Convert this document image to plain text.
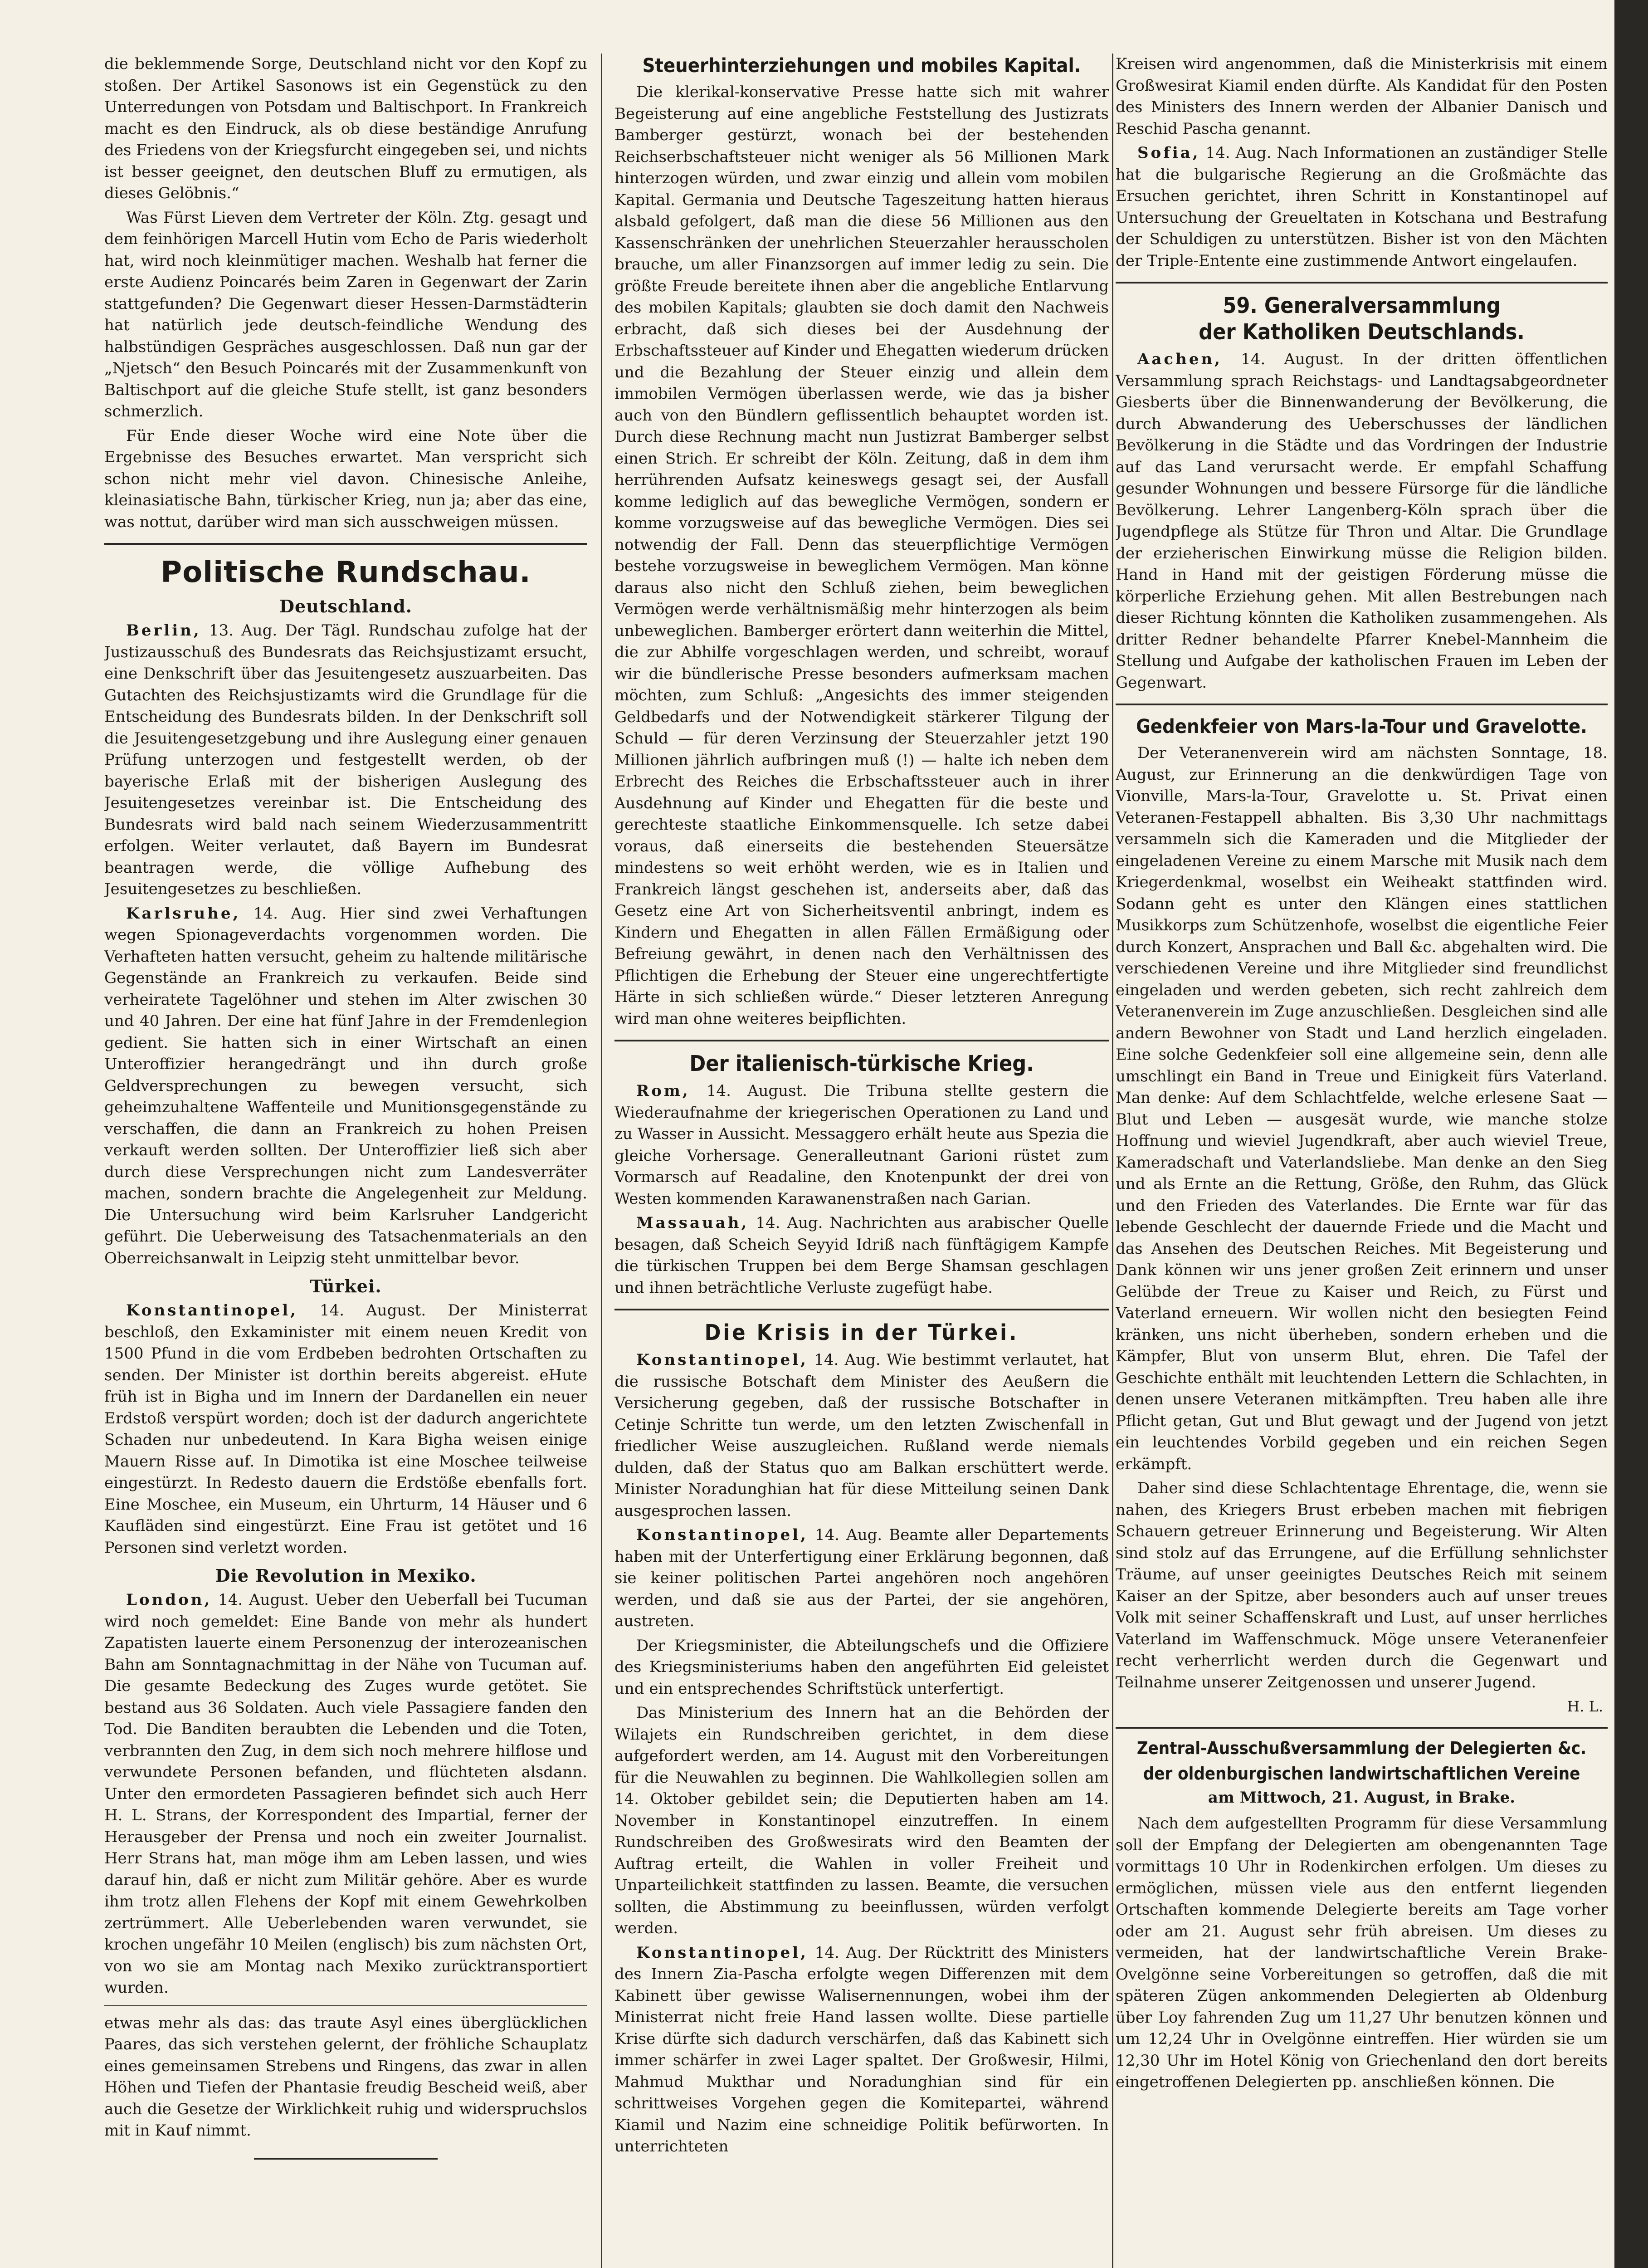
die beklemmende Sorge, Deutschland nicht vor den Kopf zu stoßen. Der Artikel Sasonows ist ein Gegenstück zu den Unterredungen von Potsdam und Baltischport. In Frankreich macht es den Eindruck, als ob diese beständige Anrufung des Friedens von der Kriegsfurcht eingegeben sei, und nichts ist besser geeignet, den deutschen Bluff zu ermutigen, als dieses Gelöbnis.“

Was Fürst Lieven dem Vertreter der Köln. Ztg. gesagt und dem feinhörigen Marcell Hutin vom Echo de Paris wiederholt hat, wird noch kleinmütiger machen. Weshalb hat ferner die erste Audienz Poincarés beim Zaren in Gegenwart der Zarin stattgefunden? Die Gegenwart dieser Hessen-Darmstädterin hat natürlich jede deutsch-feindliche Wendung des halbstündigen Gespräches ausgeschlossen. Daß nun gar der „Njetsch“ den Besuch Poincarés mit der Zusammenkunft von Baltischport auf die gleiche Stufe stellt, ist ganz besonders schmerzlich.

Für Ende dieser Woche wird eine Note über die Ergebnisse des Besuches erwartet. Man verspricht sich schon nicht mehr viel davon. Chinesische Anleihe, kleinasiatische Bahn, türkischer Krieg, nun ja; aber das eine, was nottut, darüber wird man sich ausschweigen müssen.

Politische Rundschau.
Deutschland.

Berlin, 13. Aug. Der Tägl. Rundschau zufolge hat der Justizausschuß des Bundesrats das Reichsjustizamt ersucht, eine Denkschrift über das Jesuitengesetz auszuarbeiten. Das Gutachten des Reichsjustizamts wird die Grundlage für die Entscheidung des Bundesrats bilden. In der Denkschrift soll die Jesuitengesetzgebung und ihre Auslegung einer genauen Prüfung unterzogen und festgestellt werden, ob der bayerische Erlaß mit der bisherigen Auslegung des Jesuitengesetzes vereinbar ist. Die Entscheidung des Bundesrats wird bald nach seinem Wiederzusammentritt erfolgen. Weiter verlautet, daß Bayern im Bundesrat beantragen werde, die völlige Aufhebung des Jesuitengesetzes zu beschließen.

Karlsruhe, 14. Aug. Hier sind zwei Verhaftungen wegen Spionageverdachts vorgenommen worden. Die Verhafteten hatten versucht, geheim zu haltende militärische Gegenstände an Frankreich zu verkaufen. Beide sind verheiratete Tagelöhner und stehen im Alter zwischen 30 und 40 Jahren. Der eine hat fünf Jahre in der Fremdenlegion gedient. Sie hatten sich in einer Wirtschaft an einen Unteroffizier herangedrängt und ihn durch große Geldversprechungen zu bewegen versucht, sich geheimzuhaltene Waffenteile und Munitionsgegenstände zu verschaffen, die dann an Frankreich zu hohen Preisen verkauft werden sollten. Der Unteroffizier ließ sich aber durch diese Versprechungen nicht zum Landesverräter machen, sondern brachte die Angelegenheit zur Meldung. Die Untersuchung wird beim Karlsruher Landgericht geführt. Die Ueberweisung des Tatsachenmaterials an den Oberreichsanwalt in Leipzig steht unmittelbar bevor.

Türkei.

Konstantinopel, 14. August. Der Ministerrat beschloß, den Exkaminister mit einem neuen Kredit von 1500 Pfund in die vom Erdbeben bedrohten Ortschaften zu senden. Der Minister ist dorthin bereits abgereist. eHute früh ist in Bigha und im Innern der Dardanellen ein neuer Erdstoß verspürt worden; doch ist der dadurch angerichtete Schaden nur unbedeutend. In Kara Bigha weisen einige Mauern Risse auf. In Dimotika ist eine Moschee teilweise eingestürzt. In Redesto dauern die Erdstöße ebenfalls fort. Eine Moschee, ein Museum, ein Uhrturm, 14 Häuser und 6 Kaufläden sind eingestürzt. Eine Frau ist getötet und 16 Personen sind verletzt worden.

Die Revolution in Mexiko.

London, 14. August. Ueber den Ueberfall bei Tucuman wird noch gemeldet: Eine Bande von mehr als hundert Zapatisten lauerte einem Personenzug der interozeanischen Bahn am Sonntagnachmittag in der Nähe von Tucuman auf. Die gesamte Bedeckung des Zuges wurde getötet. Sie bestand aus 36 Soldaten. Auch viele Passagiere fanden den Tod. Die Banditen beraubten die Lebenden und die Toten, verbrannten den Zug, in dem sich noch mehrere hilflose und verwundete Personen befanden, und flüchteten alsdann. Unter den ermordeten Passagieren befindet sich auch Herr H. L. Strans, der Korrespondent des Impartial, ferner der Herausgeber der Prensa und noch ein zweiter Journalist. Herr Strans hat, man möge ihm am Leben lassen, und wies darauf hin, daß er nicht zum Militär gehöre. Aber es wurde ihm trotz allen Flehens der Kopf mit einem Gewehrkolben zertrümmert. Alle Ueberlebenden waren verwundet, sie krochen ungefähr 10 Meilen (englisch) bis zum nächsten Ort, von wo sie am Montag nach Mexiko zurücktransportiert wurden.

etwas mehr als das: das traute Asyl eines überglücklichen Paares, das sich verstehen gelernt, der fröhliche Schauplatz eines gemeinsamen Strebens und Ringens, das zwar in allen Höhen und Tiefen der Phantasie freudig Bescheid weiß, aber auch die Gesetze der Wirklichkeit ruhig und widerspruchslos mit in Kauf nimmt.

Steuerhinterziehungen und mobiles Kapital.

Die klerikal-konservative Presse hatte sich mit wahrer Begeisterung auf eine angebliche Feststellung des Justizrats Bamberger gestürzt, wonach bei der bestehenden Reichserbschaftsteuer nicht weniger als 56 Millionen Mark hinterzogen würden, und zwar einzig und allein vom mobilen Kapital. Germania und Deutsche Tageszeitung hatten hieraus alsbald gefolgert, daß man die diese 56 Millionen aus den Kassenschränken der unehrlichen Steuerzahler herausscholen brauche, um aller Finanzsorgen auf immer ledig zu sein. Die größte Freude bereitete ihnen aber die angebliche Entlarvung des mobilen Kapitals; glaubten sie doch damit den Nachweis erbracht, daß sich dieses bei der Ausdehnung der Erbschaftssteuer auf Kinder und Ehegatten wiederum drücken und die Bezahlung der Steuer einzig und allein dem immobilen Vermögen überlassen werde, wie das ja bisher auch von den Bündlern geflissentlich behauptet worden ist. Durch diese Rechnung macht nun Justizrat Bamberger selbst einen Strich. Er schreibt der Köln. Zeitung, daß in dem ihm herrührenden Aufsatz keineswegs gesagt sei, der Ausfall komme lediglich auf das bewegliche Vermögen, sondern er komme vorzugsweise auf das bewegliche Vermögen. Dies sei notwendig der Fall. Denn das steuerpflichtige Vermögen bestehe vorzugsweise in beweglichem Vermögen. Man könne daraus also nicht den Schluß ziehen, beim beweglichen Vermögen werde verhältnismäßig mehr hinterzogen als beim unbeweglichen. Bamberger erörtert dann weiterhin die Mittel, die zur Abhilfe vorgeschlagen werden, und schreibt, worauf wir die bündlerische Presse besonders aufmerksam machen möchten, zum Schluß: „Angesichts des immer steigenden Geldbedarfs und der Notwendigkeit stärkerer Tilgung der Schuld — für deren Verzinsung der Steuerzahler jetzt 190 Millionen jährlich aufbringen muß (!) — halte ich neben dem Erbrecht des Reiches die Erbschaftssteuer auch in ihrer Ausdehnung auf Kinder und Ehegatten für die beste und gerechteste staatliche Einkommensquelle. Ich setze dabei voraus, daß einerseits die bestehenden Steuersätze mindestens so weit erhöht werden, wie es in Italien und Frankreich längst geschehen ist, anderseits aber, daß das Gesetz eine Art von Sicherheitsventil anbringt, indem es Kindern und Ehegatten in allen Fällen Ermäßigung oder Befreiung gewährt, in denen nach den Verhältnissen des Pflichtigen die Erhebung der Steuer eine ungerechtfertigte Härte in sich schließen würde.“ Dieser letzteren Anregung wird man ohne weiteres beipflichten.

Der italienisch-türkische Krieg.

Rom, 14. August. Die Tribuna stellte gestern die Wiederaufnahme der kriegerischen Operationen zu Land und zu Wasser in Aussicht. Messaggero erhält heute aus Spezia die gleiche Vorhersage. Generalleutnant Garioni rüstet zum Vormarsch auf Readaline, den Knotenpunkt der drei von Westen kommenden Karawanenstraßen nach Garian.

Massauah, 14. Aug. Nachrichten aus arabischer Quelle besagen, daß Scheich Seyyid Idriß nach fünftägigem Kampfe die türkischen Truppen bei dem Berge Shamsan geschlagen und ihnen beträchtliche Verluste zugefügt habe.

Die Krisis in der Türkei.

Konstantinopel, 14. Aug. Wie bestimmt verlautet, hat die russische Botschaft dem Minister des Aeußern die Versicherung gegeben, daß der russische Botschafter in Cetinje Schritte tun werde, um den letzten Zwischenfall in friedlicher Weise auszugleichen. Rußland werde niemals dulden, daß der Status quo am Balkan erschüttert werde. Minister Noradunghian hat für diese Mitteilung seinen Dank ausgesprochen lassen.

Konstantinopel, 14. Aug. Beamte aller Departements haben mit der Unterfertigung einer Erklärung begonnen, daß sie keiner politischen Partei angehören noch angehören werden, und daß sie aus der Partei, der sie angehören, austreten.

Der Kriegsminister, die Abteilungschefs und die Offiziere des Kriegsministeriums haben den angeführten Eid geleistet und ein entsprechendes Schriftstück unterfertigt.

Das Ministerium des Innern hat an die Behörden der Wilajets ein Rundschreiben gerichtet, in dem diese aufgefordert werden, am 14. August mit den Vorbereitungen für die Neuwahlen zu beginnen. Die Wahlkollegien sollen am 14. Oktober gebildet sein; die Deputierten haben am 14. November in Konstantinopel einzutreffen. In einem Rundschreiben des Großwesirats wird den Beamten der Auftrag erteilt, die Wahlen in voller Freiheit und Unparteilichkeit stattfinden zu lassen. Beamte, die versuchen sollten, die Abstimmung zu beeinflussen, würden verfolgt werden.

Konstantinopel, 14. Aug. Der Rücktritt des Ministers des Innern Zia-Pascha erfolgte wegen Differenzen mit dem Kabinett über gewisse Walisernennungen, wobei ihm der Ministerrat nicht freie Hand lassen wollte. Diese partielle Krise dürfte sich dadurch verschärfen, daß das Kabinett sich immer schärfer in zwei Lager spaltet. Der Großwesir, Hilmi, Mahmud Mukthar und Noradunghian sind für ein schrittweises Vorgehen gegen die Komitepartei, während Kiamil und Nazim eine schneidige Politik befürworten. In unterrichteten

Kreisen wird angenommen, daß die Ministerkrisis mit einem Großwesirat Kiamil enden dürfte. Als Kandidat für den Posten des Ministers des Innern werden der Albanier Danisch und Reschid Pascha genannt.

Sofia, 14. Aug. Nach Informationen an zuständiger Stelle hat die bulgarische Regierung an die Großmächte das Ersuchen gerichtet, ihren Schritt in Konstantinopel auf Untersuchung der Greueltaten in Kotschana und Bestrafung der Schuldigen zu unterstützen. Bisher ist von den Mächten der Triple-Entente eine zustimmende Antwort eingelaufen.

59. Generalversammlung
der Katholiken Deutschlands.

Aachen, 14. August. In der dritten öffentlichen Versammlung sprach Reichstags- und Landtagsabgeordneter Giesberts über die Binnenwanderung der Bevölkerung, die durch Abwanderung des Ueberschusses der ländlichen Bevölkerung in die Städte und das Vordringen der Industrie auf das Land verursacht werde. Er empfahl Schaffung gesunder Wohnungen und bessere Fürsorge für die ländliche Bevölkerung. Lehrer Langenberg-Köln sprach über die Jugendpflege als Stütze für Thron und Altar. Die Grundlage der erzieherischen Einwirkung müsse die Religion bilden. Hand in Hand mit der geistigen Förderung müsse die körperliche Erziehung gehen. Mit allen Bestrebungen nach dieser Richtung könnten die Katholiken zusammengehen. Als dritter Redner behandelte Pfarrer Knebel-Mannheim die Stellung und Aufgabe der katholischen Frauen im Leben der Gegenwart.

Gedenkfeier von Mars-la-Tour und Gravelotte.

Der Veteranenverein wird am nächsten Sonntage, 18. August, zur Erinnerung an die denkwürdigen Tage von Vionville, Mars-la-Tour, Gravelotte u. St. Privat einen Veteranen-Festappell abhalten. Bis 3,30 Uhr nachmittags versammeln sich die Kameraden und die Mitglieder der eingeladenen Vereine zu einem Marsche mit Musik nach dem Kriegerdenkmal, woselbst ein Weiheakt stattfinden wird. Sodann geht es unter den Klängen eines stattlichen Musikkorps zum Schützenhofe, woselbst die eigentliche Feier durch Konzert, Ansprachen und Ball &c. abgehalten wird. Die verschiedenen Vereine und ihre Mitglieder sind freundlichst eingeladen und werden gebeten, sich recht zahlreich dem Veteranenverein im Zuge anzuschließen. Desgleichen sind alle andern Bewohner von Stadt und Land herzlich eingeladen. Eine solche Gedenkfeier soll eine allgemeine sein, denn alle umschlingt ein Band in Treue und Einigkeit fürs Vaterland. Man denke: Auf dem Schlachtfelde, welche erlesene Saat — Blut und Leben — ausgesät wurde, wie manche stolze Hoffnung und wieviel Jugendkraft, aber auch wieviel Treue, Kameradschaft und Vaterlandsliebe. Man denke an den Sieg und als Ernte an die Rettung, Größe, den Ruhm, das Glück und den Frieden des Vaterlandes. Die Ernte war für das lebende Geschlecht der dauernde Friede und die Macht und das Ansehen des Deutschen Reiches. Mit Begeisterung und Dank können wir uns jener großen Zeit erinnern und unser Gelübde der Treue zu Kaiser und Reich, zu Fürst und Vaterland erneuern. Wir wollen nicht den besiegten Feind kränken, uns nicht überheben, sondern erheben und die Kämpfer, Blut von unserm Blut, ehren. Die Tafel der Geschichte enthält mit leuchtenden Lettern die Schlachten, in denen unsere Veteranen mitkämpften. Treu haben alle ihre Pflicht getan, Gut und Blut gewagt und der Jugend von jetzt ein leuchtendes Vorbild gegeben und ein reichen Segen erkämpft.

Daher sind diese Schlachtentage Ehrentage, die, wenn sie nahen, des Kriegers Brust erbeben machen mit fiebrigen Schauern getreuer Erinnerung und Begeisterung. Wir Alten sind stolz auf das Errungene, auf die Erfüllung sehnlichster Träume, auf unser geeinigtes Deutsches Reich mit seinem Kaiser an der Spitze, aber besonders auch auf unser treues Volk mit seiner Schaffenskraft und Lust, auf unser herrliches Vaterland im Waffenschmuck. Möge unsere Veteranenfeier recht verherrlicht werden durch die Gegenwart und Teilnahme unserer Zeitgenossen und unserer Jugend.

H. L.
Zentral-Ausschußversammlung der Delegierten &c.
der oldenburgischen landwirtschaftlichen Vereine
am Mittwoch, 21. August, in Brake.

Nach dem aufgestellten Programm für diese Versammlung soll der Empfang der Delegierten am obengenannten Tage vormittags 10 Uhr in Rodenkirchen erfolgen. Um dieses zu ermöglichen, müssen viele aus den entfernt liegenden Ortschaften kommende Delegierte bereits am Tage vorher oder am 21. August sehr früh abreisen. Um dieses zu vermeiden, hat der landwirtschaftliche Verein Brake-Ovelgönne seine Vorbereitungen so getroffen, daß die mit späteren Zügen ankommenden Delegierten ab Oldenburg über Loy fahrenden Zug um 11,27 Uhr benutzen können und um 12,24 Uhr in Ovelgönne eintreffen. Hier würden sie um 12,30 Uhr im Hotel König von Griechenland den dort bereits eingetroffenen Delegierten pp. anschließen können. Die
